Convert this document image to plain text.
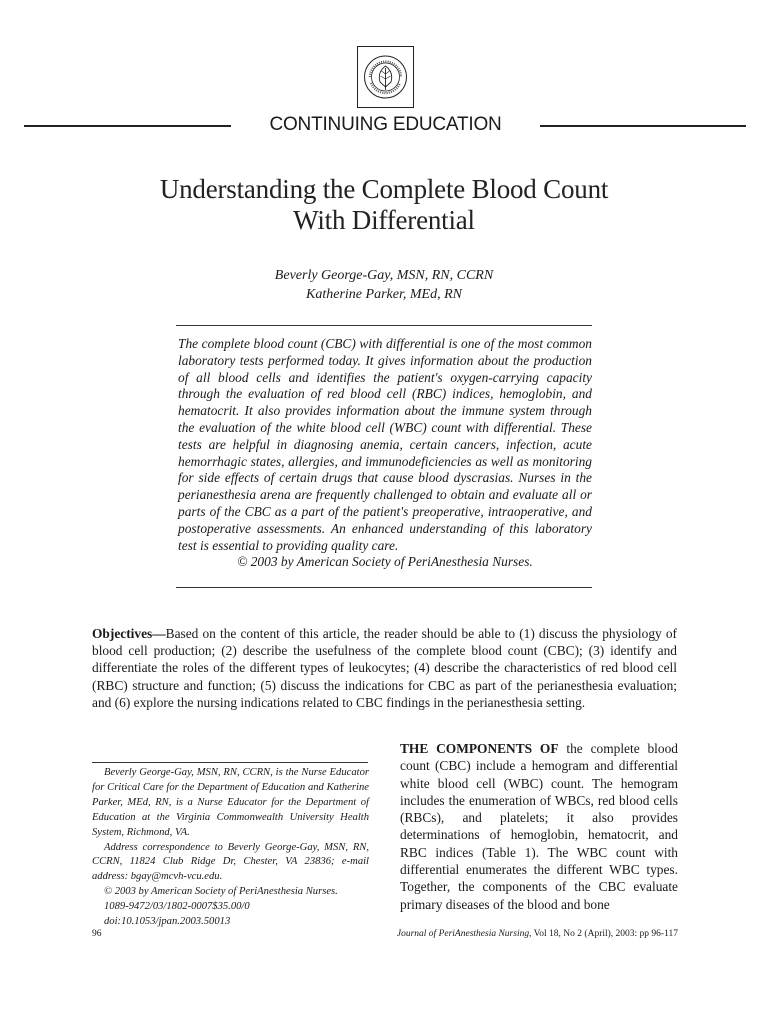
CONTINUING EDUCATION
Understanding the Complete Blood Count
With Differential
Beverly George-Gay, MSN, RN, CCRN
Katherine Parker, MEd, RN
The complete blood count (CBC) with differential is one of the most common laboratory tests performed today. It gives information about the production of all blood cells and identifies the patient's oxygen-carrying capacity through the evaluation of red blood cell (RBC) indices, hemoglobin, and hematocrit. It also provides information about the immune system through the evaluation of the white blood cell (WBC) count with differential. These tests are helpful in diagnosing anemia, certain cancers, infection, acute hemorrhagic states, allergies, and immunodeficiencies as well as monitoring for side effects of certain drugs that cause blood dyscrasias. Nurses in the perianesthesia arena are frequently challenged to obtain and evaluate all or parts of the CBC as a part of the patient's preoperative, intraoperative, and postoperative assessments. An enhanced understanding of this laboratory test is essential to providing quality care.
© 2003 by American Society of PeriAnesthesia Nurses.
Objectives—Based on the content of this article, the reader should be able to (1) discuss the physiology of blood cell production; (2) describe the usefulness of the complete blood count (CBC); (3) identify and differentiate the roles of the different types of leukocytes; (4) describe the characteristics of red blood cell (RBC) structure and function; (5) discuss the indications for CBC as part of the perianesthesia evaluation; and (6) explore the nursing indications related to CBC findings in the perianesthesia setting.

Beverly George-Gay, MSN, RN, CCRN, is the Nurse Educator for Critical Care for the Department of Education and Katherine Parker, MEd, RN, is a Nurse Educator for the Department of Education at the Virginia Commonwealth University Health System, Richmond, VA.

Address correspondence to Beverly George-Gay, MSN, RN, CCRN, 11824 Club Ridge Dr, Chester, VA 23836; e-mail address: bgay@mcvh-vcu.edu.

© 2003 by American Society of PeriAnesthesia Nurses.

1089-9472/03/1802-0007$35.00/0

doi:10.1053/jpan.2003.50013

THE COMPONENTS OF the complete blood count (CBC) include a hemogram and differential white blood cell (WBC) count. The hemogram includes the enumeration of WBCs, red blood cells (RBCs), and platelets; it also provides determinations of hemoglobin, hematocrit, and RBC indices (Table 1). The WBC count with differential enumerates the different WBC types. Together, the components of the CBC evaluate primary diseases of the blood and bone
96	Journal of PeriAnesthesia Nursing, Vol 18, No 2 (April), 2003: pp 96-117
